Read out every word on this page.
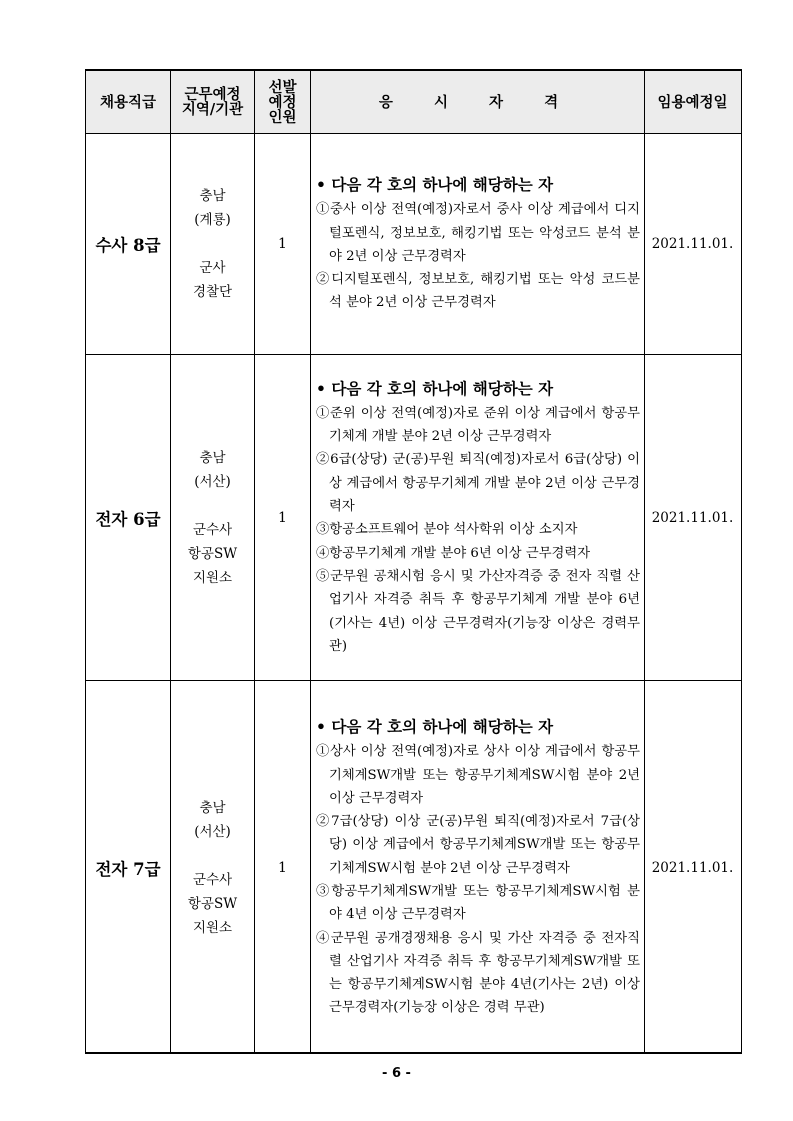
채용직급 근무예정
지역/기관
선발
예정
인원
응 시 자 격	임용예정일
수사 8급
충남
(계룡)
군사
경찰단
1
• 다음 각 호의 하나에 해당하는 자
①중사 이상 전역(예정)자로서 중사 이상 계급에서 디지털포렌식, 정보보호, 해킹기법 또는 악성코드 분석 분야 2년 이상 근무경력자
②디지털포렌식, 정보보호, 해킹기법 또는 악성 코드분석 분야 2년 이상 근무경력자
2021.11.01.
전자 6급
충남
(서산)
군수사
항공SW
지원소
1
• 다음 각 호의 하나에 해당하는 자
①준위 이상 전역(예정)자로 준위 이상 계급에서 항공무기체계 개발 분야 2년 이상 근무경력자
②6급(상당) 군(공)무원 퇴직(예정)자로서 6급(상당) 이상 계급에서 항공무기체계 개발 분야 2년 이상 근무경력자
③항공소프트웨어 분야 석사학위 이상 소지자
④항공무기체계 개발 분야 6년 이상 근무경력자
⑤군무원 공채시험 응시 및 가산자격증 중 전자 직렬 산업기사 자격증 취득 후 항공무기체계 개발 분야 6년(기사는 4년) 이상 근무경력자(기능장 이상은 경력무관)
2021.11.01.
전자 7급
충남
(서산)
군수사
항공SW
지원소
1
• 다음 각 호의 하나에 해당하는 자
①상사 이상 전역(예정)자로 상사 이상 계급에서 항공무기체계SW개발 또는 항공무기체계SW시험 분야 2년 이상 근무경력자
②7급(상당) 이상 군(공)무원 퇴직(예정)자로서 7급(상당) 이상 계급에서 항공무기체계SW개발 또는 항공무기체계SW시험 분야 2년 이상 근무경력자
③항공무기체계SW개발 또는 항공무기체계SW시험 분야 4년 이상 근무경력자
④군무원 공개경쟁채용 응시 및 가산 자격증 중 전자직렬 산업기사 자격증 취득 후 항공무기체계SW개발 또는 항공무기체계SW시험 분야 4년(기사는 2년) 이상 근무경력자(기능장 이상은 경력 무관)
2021.11.01.
- 6 -
